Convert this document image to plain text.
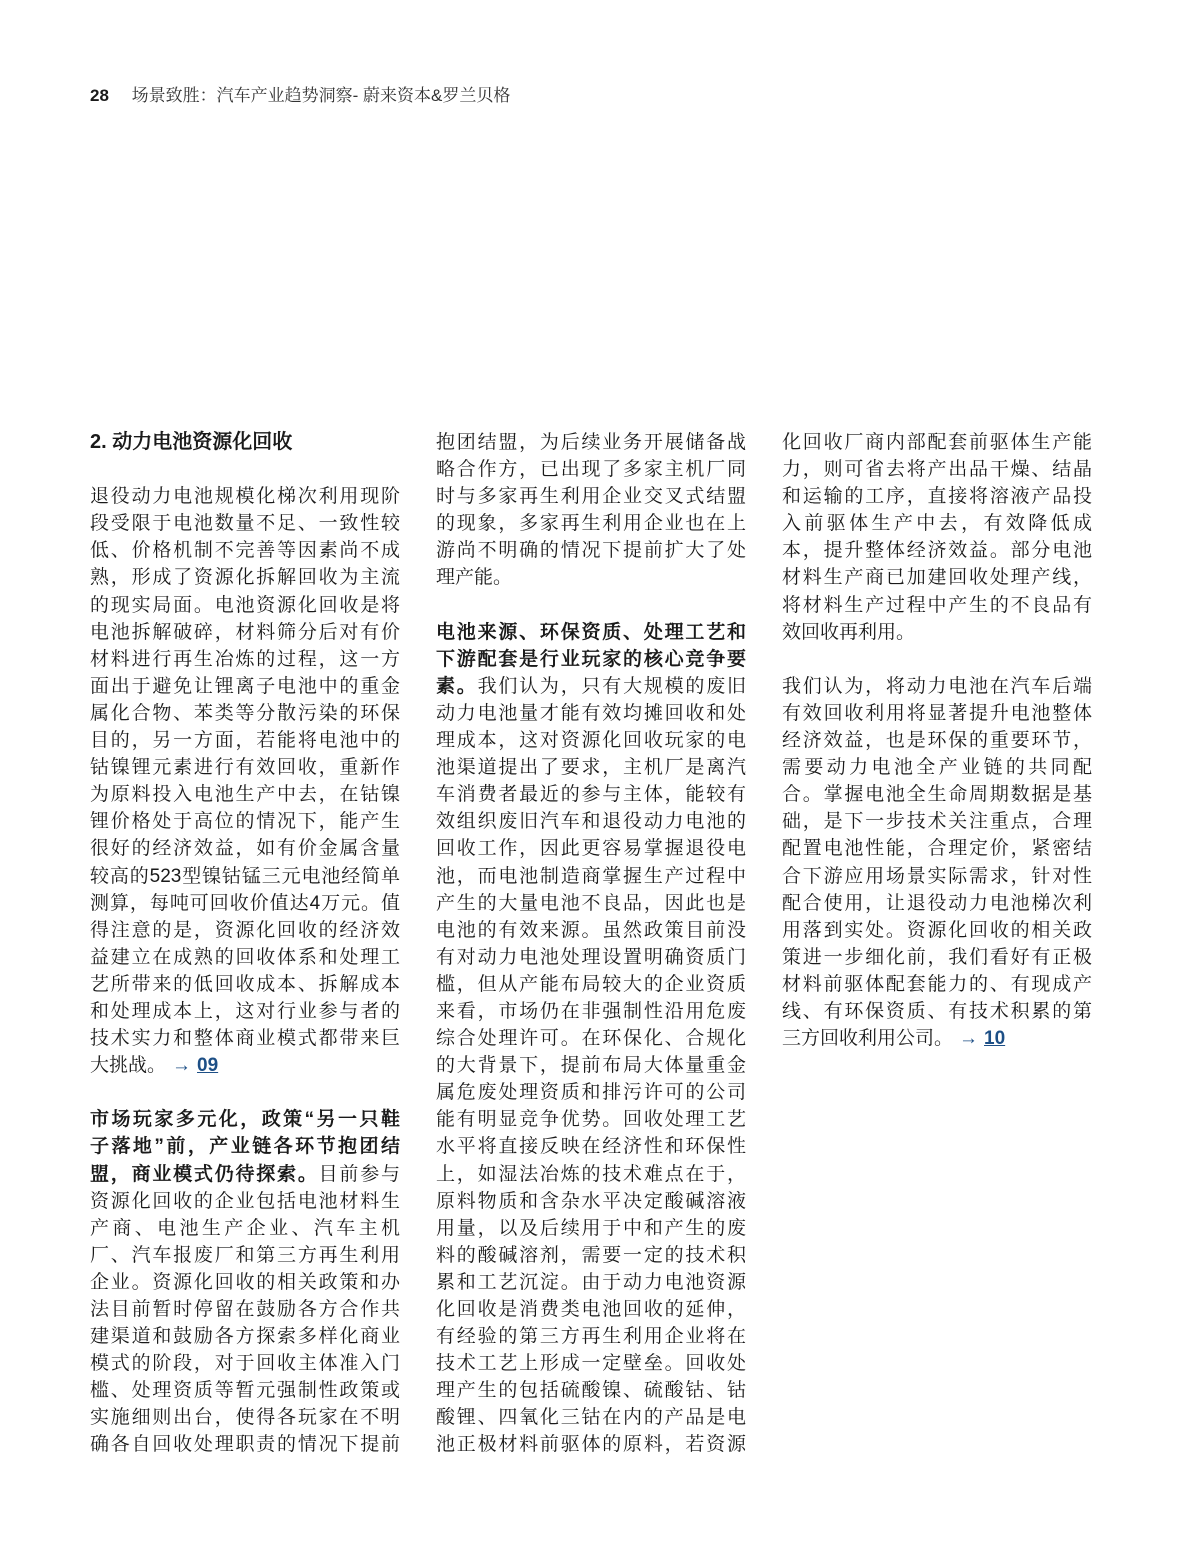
28 场景致胜：汽车产业趋势洞察- 蔚来资本&罗兰贝格
2. 动力电池资源化回收
退役动力电池规模化梯次利用现阶
段受限于电池数量不足、一致性较
低、价格机制不完善等因素尚不成
熟，形成了资源化拆解回收为主流
的现实局面。电池资源化回收是将
电池拆解破碎，材料筛分后对有价
材料进行再生冶炼的过程，这一方
面出于避免让锂离子电池中的重金
属化合物、苯类等分散污染的环保
目的，另一方面，若能将电池中的
钴镍锂元素进行有效回收，重新作
为原料投入电池生产中去，在钴镍
锂价格处于高位的情况下，能产生
很好的经济效益，如有价金属含量
较高的523型镍钴锰三元电池经简单
测算，每吨可回收价值达4万元。值
得注意的是，资源化回收的经济效
益建立在成熟的回收体系和处理工
艺所带来的低回收成本、拆解成本
和处理成本上，这对行业参与者的
技术实力和整体商业模式都带来巨
大挑战。 → 09
市场玩家多元化，政策“另一只鞋
子落地”前，产业链各环节抱团结
盟，商业模式仍待探索。目前参与
资源化回收的企业包括电池材料生
产商、电池生产企业、汽车主机
厂、汽车报废厂和第三方再生利用
企业。资源化回收的相关政策和办
法目前暂时停留在鼓励各方合作共
建渠道和鼓励各方探索多样化商业
模式的阶段，对于回收主体准入门
槛、处理资质等暂元强制性政策或
实施细则出台，使得各玩家在不明
确各自回收处理职责的情况下提前
抱团结盟，为后续业务开展储备战
略合作方，已出现了多家主机厂同
时与多家再生利用企业交叉式结盟
的现象，多家再生利用企业也在上
游尚不明确的情况下提前扩大了处
理产能。
电池来源、环保资质、处理工艺和
下游配套是行业玩家的核心竞争要
素。我们认为，只有大规模的废旧
动力电池量才能有效均摊回收和处
理成本，这对资源化回收玩家的电
池渠道提出了要求，主机厂是离汽
车消费者最近的参与主体，能较有
效组织废旧汽车和退役动力电池的
回收工作，因此更容易掌握退役电
池，而电池制造商掌握生产过程中
产生的大量电池不良品，因此也是
电池的有效来源。虽然政策目前没
有对动力电池处理设置明确资质门
槛，但从产能布局较大的企业资质
来看，市场仍在非强制性沿用危废
综合处理许可。在环保化、合规化
的大背景下，提前布局大体量重金
属危废处理资质和排污许可的公司
能有明显竞争优势。回收处理工艺
水平将直接反映在经济性和环保性
上，如湿法冶炼的技术难点在于，
原料物质和含杂水平决定酸碱溶液
用量，以及后续用于中和产生的废
料的酸碱溶剂，需要一定的技术积
累和工艺沉淀。由于动力电池资源
化回收是消费类电池回收的延伸，
有经验的第三方再生利用企业将在
技术工艺上形成一定壁垒。回收处
理产生的包括硫酸镍、硫酸钴、钴
酸锂、四氧化三钴在内的产品是电
池正极材料前驱体的原料，若资源
化回收厂商内部配套前驱体生产能
力，则可省去将产出品干燥、结晶
和运输的工序，直接将溶液产品投
入前驱体生产中去，有效降低成
本，提升整体经济效益。部分电池
材料生产商已加建回收处理产线，
将材料生产过程中产生的不良品有
效回收再利用。
我们认为，将动力电池在汽车后端
有效回收利用将显著提升电池整体
经济效益，也是环保的重要环节，
需要动力电池全产业链的共同配
合。掌握电池全生命周期数据是基
础，是下一步技术关注重点，合理
配置电池性能，合理定价，紧密结
合下游应用场景实际需求，针对性
配合使用，让退役动力电池梯次利
用落到实处。资源化回收的相关政
策进一步细化前，我们看好有正极
材料前驱体配套能力的、有现成产
线、有环保资质、有技术积累的第
三方回收利用公司。 → 10
